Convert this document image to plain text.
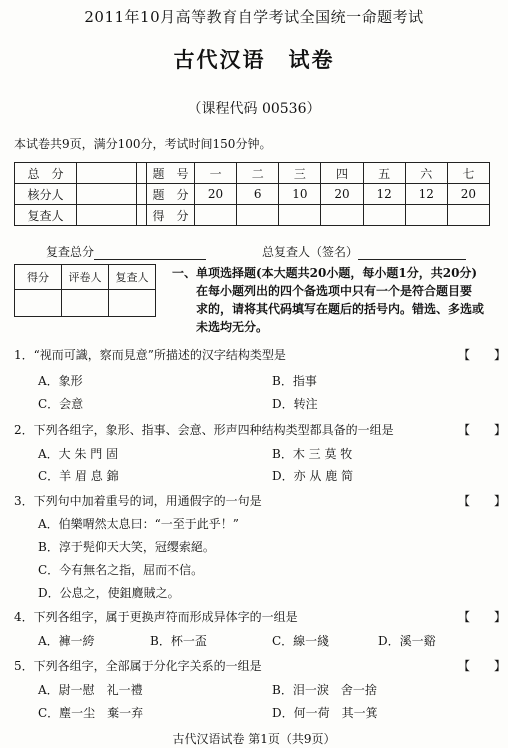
2011年10月高等教育自学考试全国统一命题考试
古代汉语　试卷
（课程代码 00536）
本试卷共9页，满分100分，考试时间150分钟。
总　分			题　号	一	二	三	四	五	六	七
核分人			题　分	20	6	10	20	12	12	20
复查人			得　分							
复查总分	总复查人（签名）
得分	评卷人	复查人
		一、单项选择题(本大题共20小题，每小题1分，共20分)
在每小题列出的四个备选项中只有一个是符合题目要
求的，请将其代码填写在题后的括号内。错选、多选或
未选均无分。
1．“视而可識，察而見意”所描述的汉字结构类型是	【　　】
A．象形	B．指事
C．会意	D．转注
2．下列各组字，象形、指事、会意、形声四种结构类型都具备的一组是	【　　】
A．大 朱 門 固	B．木 三 莫 牧
C．羊 眉 息 錦	D．亦 从 鹿 简
3．下列句中加着重号的词，用通假字的一句是	【　　】
A．伯樂喟然太息曰：“一至于此乎！”
B．淳于髡仰天大笑，冠缨索絕。
C．今有無名之指，屈而不信。
D．公息之，使鉏麑賊之。
4．下列各组字，属于更换声符而形成异体字的一组是	【　　】
A．褲一絝	B．杯一盃	C．線一綫	D．溪一谿
5．下列各组字，全部属于分化字关系的一组是	【　　】
A．尉一慰　礼一禮	B．泪一淚　舍一捨
C．塵一尘　棄一弃	D．何一荷　其一箕
古代汉语试卷 第1页（共9页）
